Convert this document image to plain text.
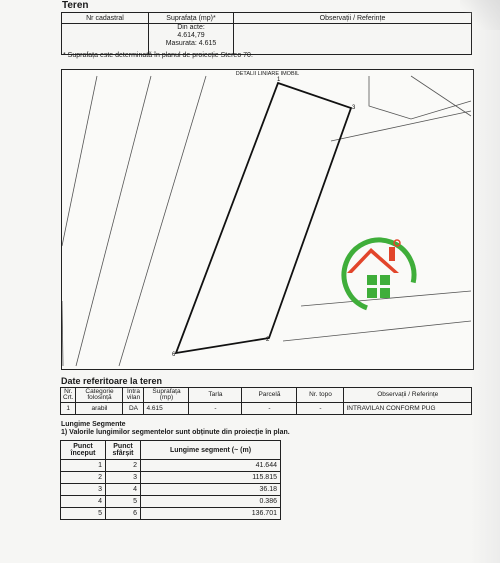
Teren
Nr cadastral	Suprafața (mp)*	Observații / Referințe

	Din acte:
4.614,79
Masurata: 4.615	

* Suprafața este determinată în planul de proiecție Stereo 70.
DETALII LINIARE IMOBIL
1
3
2
6
Date referitoare la teren
Nr. Crt.	Categorie folosință	Intra vilan	Suprafața (mp)	Tarla	Parcelă	Nr. topo	Observații / Referințe
1	arabil	DA	4.615	-	-	-	INTRAVILAN CONFORM PUG
Lungime Segmente
1) Valorile lungimilor segmentelor sunt obținute din proiecție în plan.
Punct început	Punct sfârșit	Lungime segment (~ (m)
1	2	41.644
2	3	115.815
3	4	36.18
4	5	0.386
5	6	136.701
